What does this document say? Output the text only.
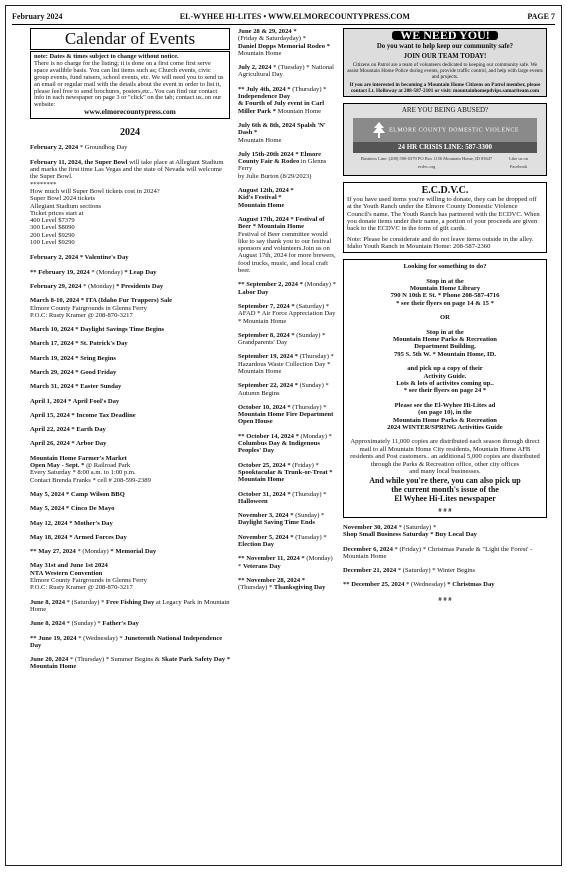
February 2024	EL-WYHEE HI-LITES • WWW.ELMORECOUNTYPRESS.COM	PAGE 7
Calendar of Events
note: Dates & times subject to change without notice.
There is no charge for the listing; it is done on a first come first serve space availible basis. You can list items such as; Church events, civic group events, fund raisers, school events, etc. We will need you to send us an email or regular mail with the details about the event in order to list it, please feel free to send brochures, posters,etc.. You can find our contact info in each newspaper on page 3 or "click" on the tab; contact us..on our website:
www.elmorecountypress.com
2024

February 2, 2024 * Groundhog Day

February 11, 2024, the Super Bowl will take place at Allegiant Stadium and marks the first time Las Vegas and the state of Nevada will welcome the Super Bowl.

********
How much will Super Bowl tickets cost in 2024?
Super Bowl 2024 tickets
Allegiant Stadium sections
Ticket prices start at
400 Level $7379
300 Level $8090
200 Level $9290
100 Level $9290

February 2, 2024 * Valentine's Day

** February 19, 2024 * (Monday) * Leap Day

February 29, 2024 * (Monday) * Presidents Day

March 8-10, 2024 * ITA (Idaho Fur Trappers) Sale
Elmore County Fairgrounds in Glenns Ferry
P.O.C: Rusty Kramer @ 208-870-3217

March 10, 2024 * Daylight Savings Time Begins

March 17, 2024 * St. Patrick's Day

March 19, 2024 * Sring Begins

March 29, 2024 * Good Friday

March 31, 2024 * Easter Sunday

April 1, 2024 * April Fool's Day

April 15, 2024 * Income Tax Deadline

April 22, 2024 * Earth Day

April 26, 2024 * Arbor Day

Mountain Home Farmer's Market
Open May - Sept. * @ Railroad Park
Every Saturday * 8:00 a.m. to 1:00 p.m.
Contact Brenda Franks * cell # 208-599-2389

May 5, 2024 * Camp Wilson BBQ

May 5, 2024 * Cinco De Mayo

May 12, 2024 * Mother's Day

May 18, 2024 * Armed Forces Day

** May 27, 2024 * (Monday) * Memorial Day

May 31st and June 1st 2024
NTA Western Convention
Elmore County Fairgrounds in Glenns Ferry
P.O.C: Rusty Kramer @ 208-870-3217

June 8, 2024 * (Saturday) * Free Fishing Day at Legacy Park in Mountain Home

June 8, 2024 * (Sunday) * Father's Day

** June 19, 2024 * (Wednesday) * Juneteenth National Independence Day

June 20, 2024 * (Thursday) * Summer Begins & Skate Park Safety Day * Mountain Home

June 28 & 29, 2024 *
(Friday & Saturdayday) *
Daniel Dopps Memorial Rodeo * Mountain Home

July 2, 2024 * (Tuesday) * National Agricultural Day

** July 4th, 2024 * (Thursday) * Independence Day
& Fourth of July event in Carl Miller Park * Mountain Home

July 6th & 8th, 2024 Spalsh 'N' Dash *
Mountain Home

July 15th-20th 2024 * Elmore County Fair & Rodeo in Glenns Ferry
by Julie Burton (8/29/2023)

August 12th, 2024 *
Kid's Festival *
Mountain Home

August 17th, 2024 * Festival of Beer * Mountain Home
Festival of Beer committee would like to say thank you to our festival sponsors and volunteers.Join us on August 17th, 2024 for more brewers, food trucks, music, and local craft beer.

** September 2, 2024 * (Monday) * Labor Day

September 7, 2024 * (Saturday) * AFAD * Air Force Appreciation Day * Mountain Home

September 8, 2024 * (Sunday) * Grandparents' Day

September 19, 2024 * (Thursday) * Hazardous Waste Collection Day * Mountain Home

September 22, 2024 * (Sunday) * Autumn Begins

October 10, 2024 * (Thursday) * Mountain Home Fire Department Open House

** October 14, 2024 * (Monday) * Columbus Day & Indigenous Peoples' Day

October 25, 2024 * (Friday) * Spooktacular & Trunk-or-Treat * Mountain Home

October 31, 2024 * (Thursday) * Halloween

November 3, 2024 * (Sunday) * Daylight Saving Time Ends

November 5, 2024 * (Tuesday) * Election Day

** November 11, 2024 * (Monday) * Veterans Day

** November 28, 2024 * (Thursday) * Thanksgiving Day

WE NEED YOU!
Do you want to help keep our community safe?
JOIN OUR TEAM TODAY!
Citizens on Patrol are a team of volunteers dedicated to keeping our community safe. We assist Mountain Home Police during events, provide traffic control, and help with large events and projects.
If you are interested in becoming a Mountain Home Citizens on Patrol member, please contact Lt. Holloway at 208-587-2101 or visit: mountainhomepdvips.samariteam.com
ARE YOU BEING ABUSED?
ELMORE COUNTY DOMESTIC VIOLENCE
24 HR CRISIS LINE: 587-3300
Business Line: (208) 590-0379 PO Box 1156 Mountain Home, ID 83647 ecdvc.org
Like us on Facebook
E.C.D.V.C.

If you have used items you're willing to donate, they can be dropped off at the Youth Ranch under the Elmore County Domestic Violence Council's name. The Youth Ranch has partnered with the ECDVC. When you donate items under their name, a portion of your proceeds are given back to the ECDVC in the form of gift cards.

Note: Please be considerate and do not leave items outside in the alley.
Idaho Youth Ranch in Mountain Home: 208-587-2360

Looking for something to do?

Stop in at the
Mountain Home Library
790 N 10th E St. * Phone 208-587-4716

* see their flyers on page 14 & 15 *

OR

Stop in at the
Mountain Home Parks & Recreation
Department Building,

795 S. 5th W. * Mountain Home, ID.

and pick up a copy of their
Activity Guide.
Lots & lots of activites coming up..

* see their flyers on page 24 *

Please see the El-Wyhee Hi-Lites ad
(on page 10), in the
Mountain Home Parks & Recreation

2024 WINTER/SPRING Activities Guide

Approximately 11,000 copies are distributed each season through direct mail to all Mountain Home City residents, Mountain Home AFB
residents and Post customers.. an additional 5,000 copies are distributed through the Parks & Recreation office, other city offices
and many local businesses.
And while you're there, you can also pick up
the current month's issue of the
El Wyhee Hi-Lites newspaper
# # #

November 30, 2024 * (Saturday) *
Shop Small Business Saturday * Buy Local Day

December 6, 2024 * (Friday) * Christmas Parade & "Light the Forest' - Mountain Home

December 21, 2024 * (Saturday) * Winter Begins

** December 25, 2024 * (Wednesday) * Christmas Day

# # #
